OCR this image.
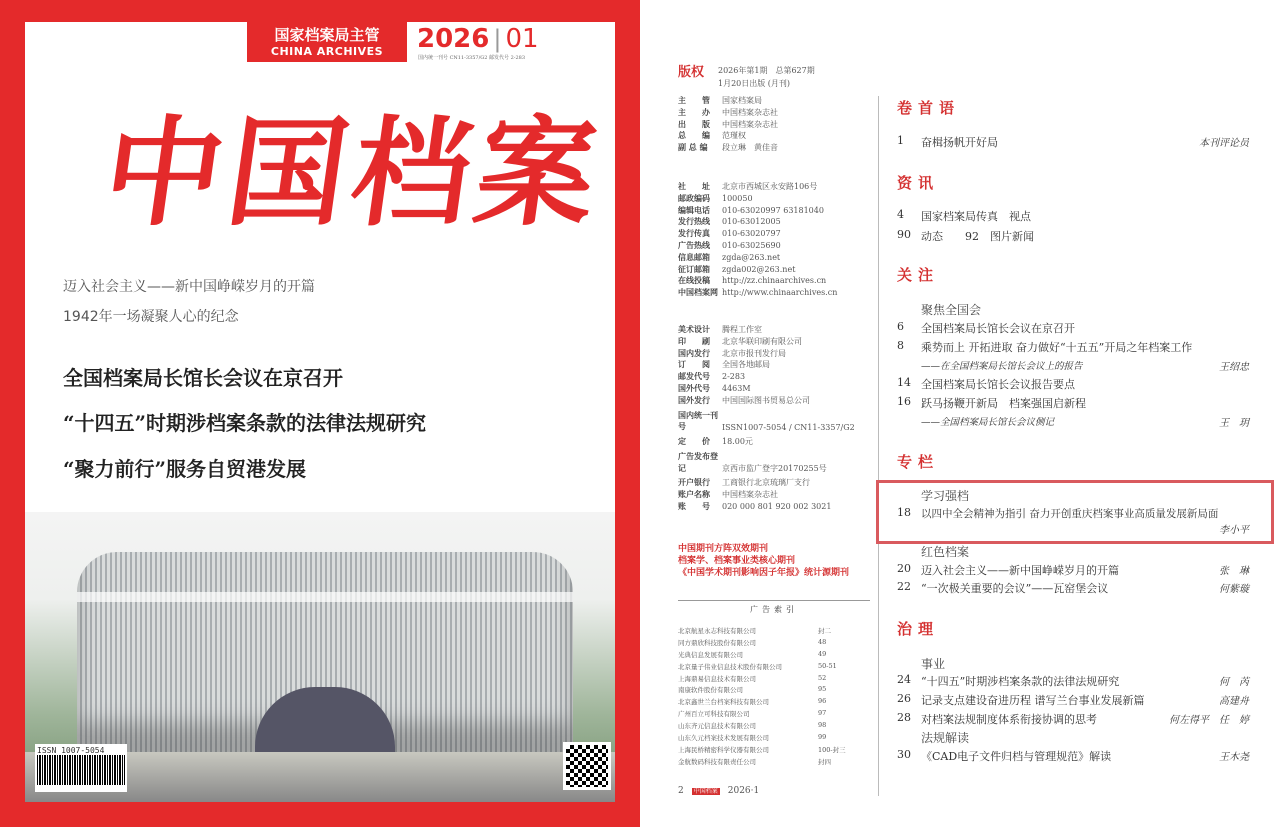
国家档案局主管
CHINA ARCHIVES	2026 | 01
国内统一刊号 CN11-3357/G2 邮发代号 2-283
中国档案
迈入社会主义——新中国峥嵘岁月的开篇
1942年一场凝聚人心的纪念
全国档案局长馆长会议在京召开
“十四五”时期涉档案条款的法律法规研究
“聚力前行”服务自贸港发展
ISSN 1007-5054
版权 2026年第1期　总第627期
1月20日出版 (月刊)
主　　管 国家档案局
主　　办 中国档案杂志社
出　　版 中国档案杂志社
总　　编 范瑾权
副 总 编 段立琳　黄佳音
社　　址 北京市西城区永安路106号
邮政编码 100050
编辑电话 010-63020997 63181040
发行热线 010-63012005
发行传真 010-63020797
广告热线 010-63025690
信息邮箱 zgda@263.net
征订邮箱 zgda002@263.net
在线投稿 http://zz.chinaarchives.cn
中国档案网 http://www.chinaarchives.cn
美术设计 腾程工作室
印　　刷 北京华联印刷有限公司
国内发行 北京市报刊发行局
订　　阅 全国各地邮局
邮发代号 2-283
国外代号 4463M
国外发行 中国国际图书贸易总公司
国内统一刊号	ISSN1007-5054 / CN11-3357/G2
定　　价 18.00元
广告发布登记	京西市监广登字20170255号
开户银行 工商银行北京琉璃厂支行
账户名称 中国档案杂志社
账　　号 020 000 801 920 002 3021
中国期刊方阵双效期刊
档案学、档案事业类核心期刊
《中国学术期刊影响因子年报》统计源期刊
广告索引
北京航星永志科技有限公司	封二
同方鼎欣科技股份有限公司	48
光典信息发展有限公司	49
北京量子伟业信息技术股份有限公司	50-51
上海鼎易信息技术有限公司	52
南康软件股份有限公司	95
北京鑫世兰台档案科技有限公司	96
广州百立可科技有限公司	97
山东齐元信息技术有限公司	98
山东久元档案技术发展有限公司	99
上海民桥精密科学仪器有限公司	100-封三
金航数码科技有限责任公司	封四
2 中国档案 2026·1
卷首语
资讯
关注
专栏
治理
聚焦全国会
学习强档
红色档案
事业
法规解读
1	奋楫扬帆开好局	本刊评论员
4	国家档案局传真　视点
90 动态　　92　图片新闻
6	全国档案局长馆长会议在京召开
8	乘势而上 开拓进取 奋力做好“十五五”开局之年档案工作
——在全国档案局长馆长会议上的报告	王绍忠
14 全国档案局长馆长会议报告要点
16 跃马扬鞭开新局　档案强国启新程
——全国档案局长馆长会议侧记	王　玥
18 以四中全会精神为指引 奋力开创重庆档案事业高质量发展新局面
李小平
20 迈入社会主义——新中国峥嵘岁月的开篇	张　琳
22 “一次极关重要的会议”——瓦窑堡会议	何紫璇
24 “十四五”时期涉档案条款的法律法规研究	何　芮
26 记录支点建设奋进历程 谱写兰台事业发展新篇	高建舟
28 对档案法规制度体系衔接协调的思考	何左得平　任　婷
30 《CAD电子文件归档与管理规范》解读	王木尧
